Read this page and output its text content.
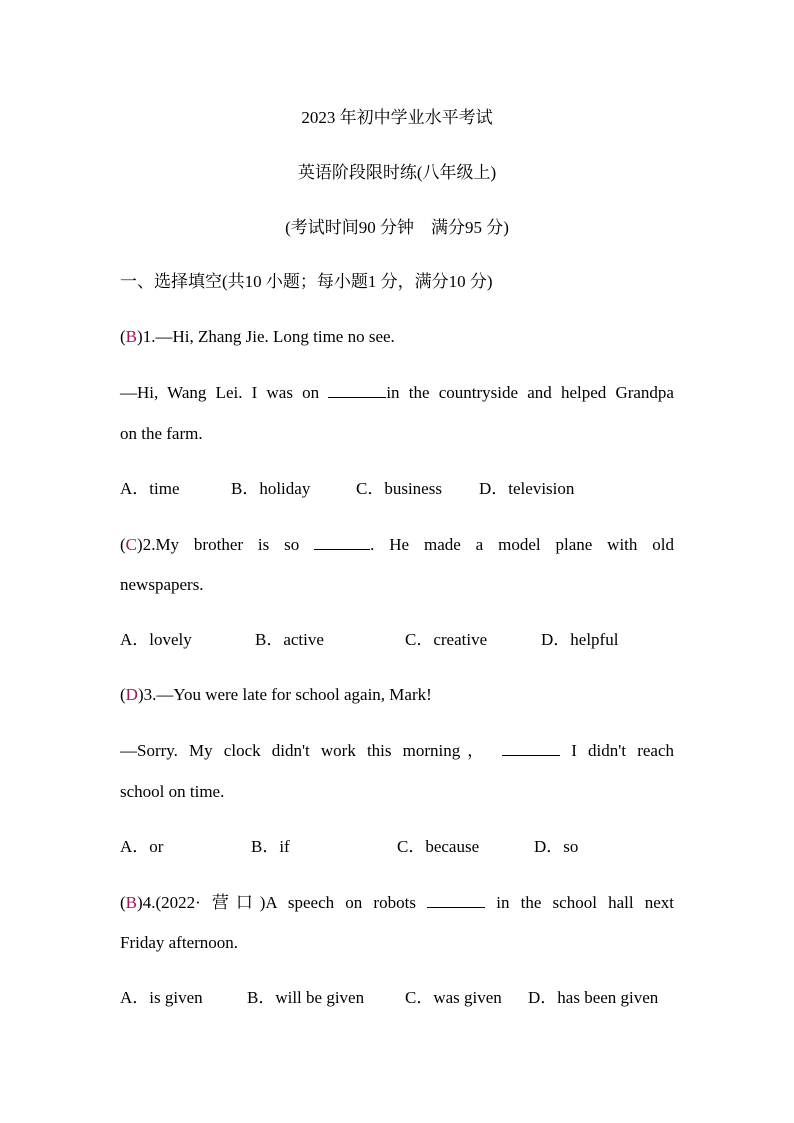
2023 年初中学业水平考试
英语阶段限时练(八年级上)
(考试时间90 分钟　满分95 分)
一、选择填空(共10 小题；每小题1 分，满分10 分)
(B)1.—Hi, Zhang Jie. Long time no see.
—Hi, Wang Lei. I was on	in the countryside and helped Grandpa
on the farm.
A．time	B．holiday	C．business D．television
(C)2.My brother is so	. He made a model plane with old
newspapers.
A．lovely	B．active	C．creative	D．helpful
(D)3.—You were late for school again, Mark!
—Sorry. My clock didn't work this morning，	I didn't reach
school on time.
A．or	B．if	C．because	D．so
(B)4.(2022· 营口)A speech on robots	in the school hall next
Friday afternoon.
A．is given	B．will be given C．was given D．has been given
